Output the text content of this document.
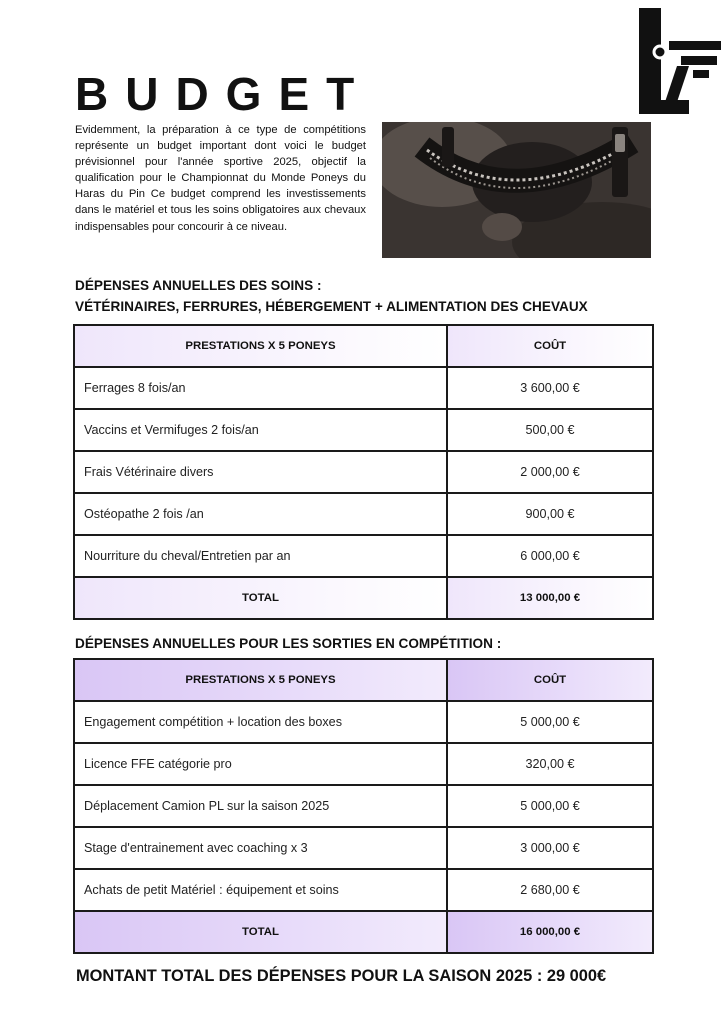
BUDGET

Evidemment, la préparation à ce type de compétitions représente un budget important dont voici le budget prévisionnel pour l'année sportive 2025, objectif la qualification pour le Championnat du Monde Poneys du Haras du Pin Ce budget comprend les investissements dans le matériel et tous les soins obligatoires aux chevaux indispensables pour concourir à ce niveau.

DÉPENSES ANNUELLES DES SOINS :
VÉTÉRINAIRES, FERRURES, HÉBERGEMENT + ALIMENTATION DES CHEVAUX
PRESTATIONS X 5 PONEYS	COÛT
Ferrages 8 fois/an	3 600,00 €
Vaccins et Vermifuges 2 fois/an	500,00 €
Frais Vétérinaire divers	2 000,00 €
Ostéopathe 2 fois /an	900,00 €
Nourriture du cheval/Entretien par an	6 000,00 €
TOTAL	13 000,00 €
DÉPENSES ANNUELLES POUR LES SORTIES EN COMPÉTITION :
PRESTATIONS X 5 PONEYS	COÛT
Engagement compétition + location des boxes	5 000,00 €
Licence FFE catégorie pro	320,00 €
Déplacement Camion PL sur la saison 2025	5 000,00 €
Stage d'entrainement avec coaching x 3	3 000,00 €
Achats de petit Matériel : équipement et soins	2 680,00 €
TOTAL	16 000,00 €
MONTANT TOTAL DES DÉPENSES POUR LA SAISON 2025 : 29 000€
